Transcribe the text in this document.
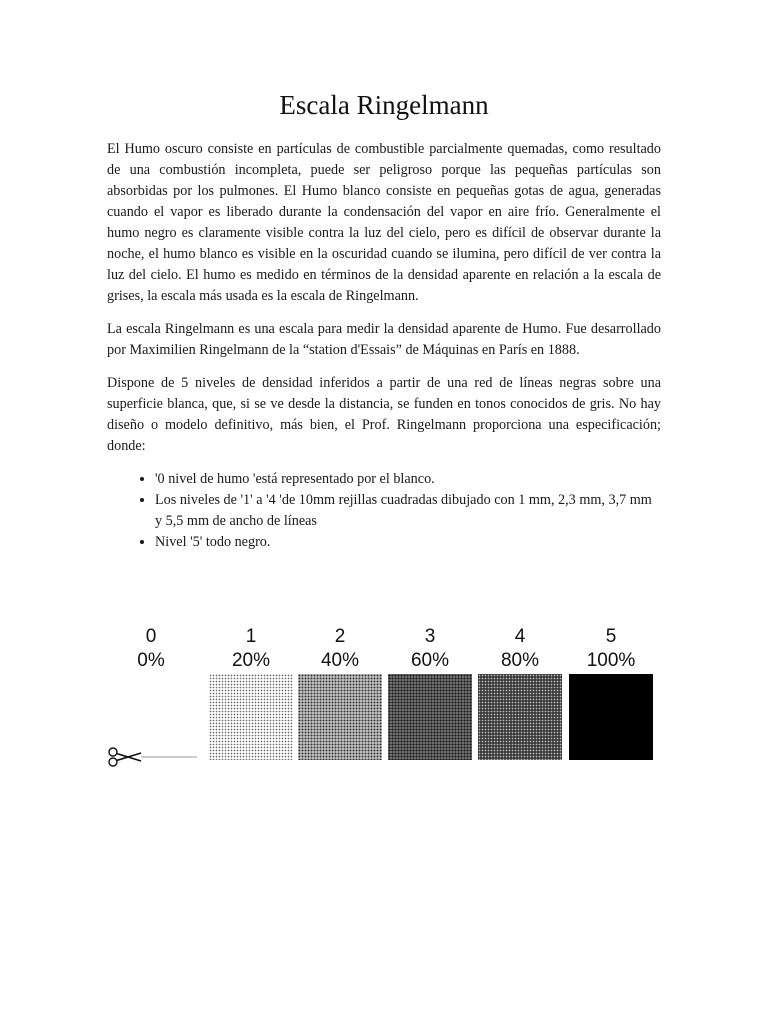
Escala Ringelmann

El Humo oscuro consiste en partículas de combustible parcialmente quemadas, como resultado de una combustión incompleta, puede ser peligroso porque las pequeñas partículas son absorbidas por los pulmones. El Humo blanco consiste en pequeñas gotas de agua, generadas cuando el vapor es liberado durante la condensación del vapor en aire frío. Generalmente el humo negro es claramente visible contra la luz del cielo, pero es difícil de observar durante la noche, el humo blanco es visible en la oscuridad cuando se ilumina, pero difícil de ver contra la luz del cielo. El humo es medido en términos de la densidad aparente en relación a la escala de grises, la escala más usada es la escala de Ringelmann.

La escala Ringelmann es una escala para medir la densidad aparente de Humo. Fue desarrollado por Maximilien Ringelmann de la “station d'Essais” de Máquinas en París en 1888.

Dispone de 5 niveles de densidad inferidos a partir de una red de líneas negras sobre una superficie blanca, que, si se ve desde la distancia, se funden en tonos conocidos de gris. No hay diseño o modelo definitivo, más bien, el Prof. Ringelmann proporciona una especificación; donde:

• '0 nivel de humo 'está representado por el blanco.
• Los niveles de '1' a '4 'de 10mm rejillas cuadradas dibujado con 1 mm, 2,3 mm, 3,7 mm y 5,5 mm de ancho de líneas
• Nivel '5' todo negro.
0
0%
1
20%
2
40%
3
60%
4
80%
5
100%
